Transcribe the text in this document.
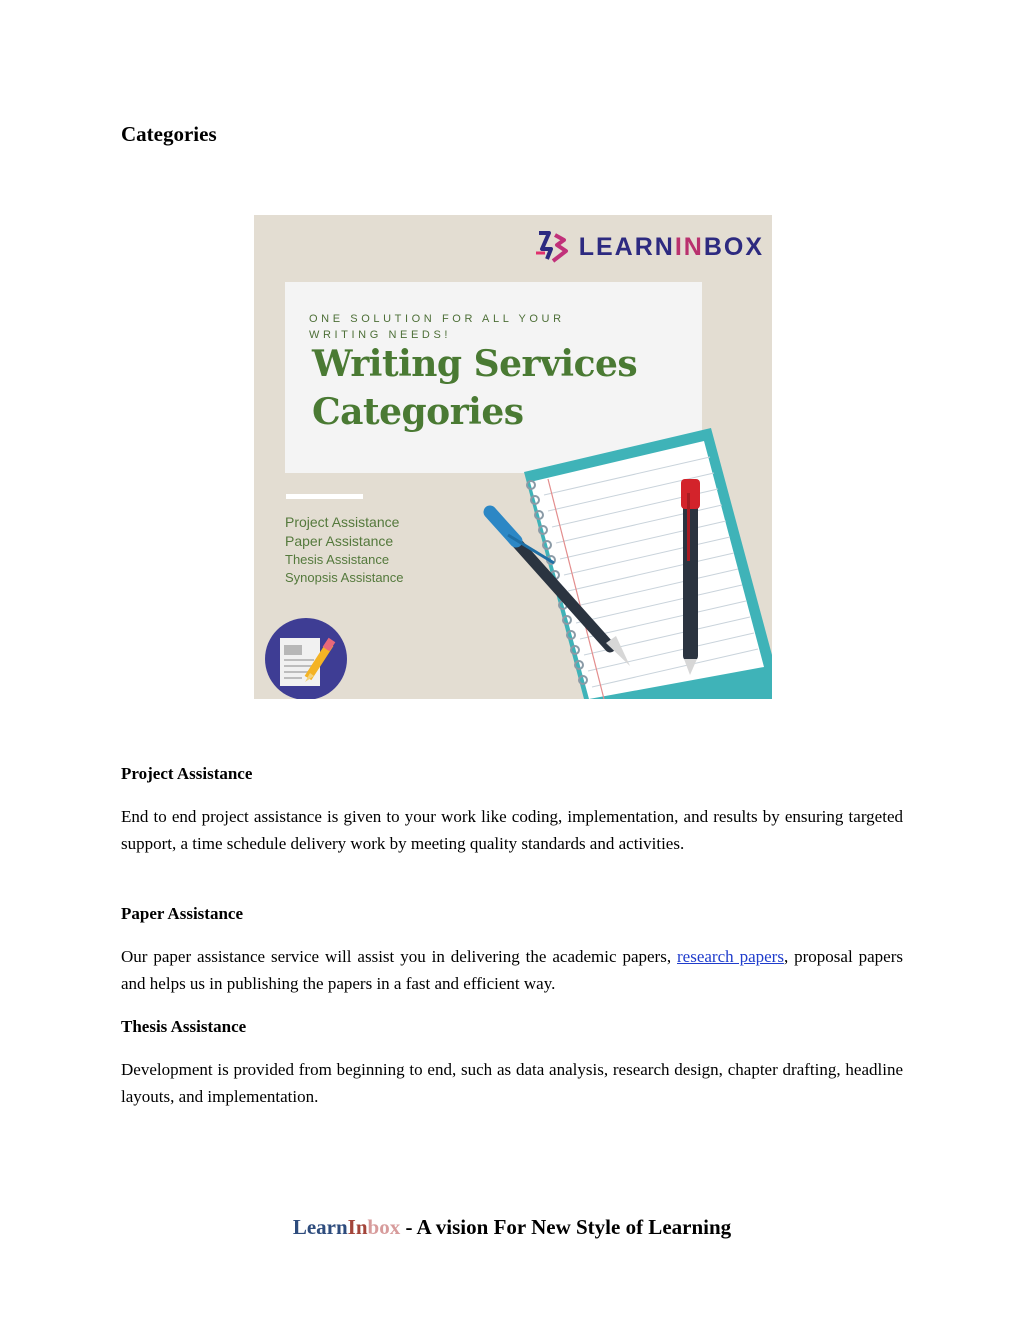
Categories
LEARNINBOX
ONE SOLUTION FOR ALL YOUR WRITING NEEDS!
Writing Services
Categories
Project Assistance
Paper Assistance
Thesis Assistance
Synopsis Assistance
Project Assistance

End to end project assistance is given to your work like coding, implementation, and results by ensuring targeted support, a time schedule delivery work by meeting quality standards and activities.

Paper Assistance

Our paper assistance service will assist you in delivering the academic papers, research papers, proposal papers and helps us in publishing the papers in a fast and efficient way.

Thesis Assistance

Development is provided from beginning to end, such as data analysis, research design, chapter drafting, headline layouts, and implementation.

LearnInbox - A vision For New Style of Learning
